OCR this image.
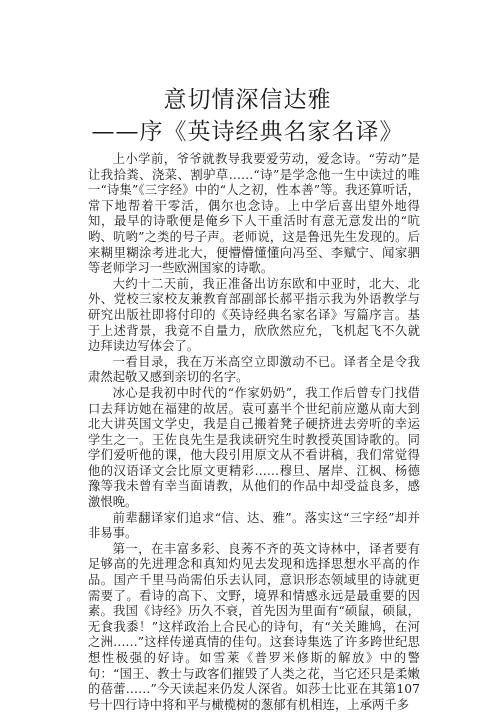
意切情深信达雅
——序《英诗经典名家名译》

上小学前，爷爷就教导我要爱劳动，爱念诗。“劳动”是让我拾粪、浇菜、割驴草……“诗”是学念他一生中读过的唯一“诗集”《三字经》中的“人之初，性本善”等。我还算听话，常下地帮着干零活，偶尔也念诗。上中学后喜出望外地得知，最早的诗歌便是俺乡下人干重活时有意无意发出的“吭哟、吭哟”之类的号子声。老师说，这是鲁迅先生发现的。后来糊里糊涂考进北大，便懵懵懂懂向冯至、李赋宁、闻家驷等老师学习一些欧洲国家的诗歌。

大约十二天前，我正准备出访东欧和中亚时，北大、北外、党校三家校友兼教育部副部长郝平指示我为外语教学与研究出版社即将付印的《英诗经典名家名译》写篇序言。基于上述背景，我竟不自量力，欣欣然应允，飞机起飞不久就边拜读边写体会了。

一看目录，我在万米高空立即激动不已。译者全是令我肃然起敬又感到亲切的名字。

冰心是我初中时代的“作家奶奶”，我工作后曾专门找借口去拜访她在福建的故居。袁可嘉半个世纪前应邀从南大到北大讲英国文学史，我是自己搬着凳子硬挤进去旁听的幸运学生之一。王佐良先生是我读研究生时教授英国诗歌的。同学们爱听他的课，他大段引用原文从不看讲稿，我们常觉得他的汉语译文会比原文更精彩……穆旦、屠岸、江枫、杨德豫等我未曾有幸当面请教，从他们的作品中却受益良多，感激恨晚。

前辈翻译家们追求“信、达、雅”。落实这“三字经”却并非易事。

第一，在丰富多彩、良莠不齐的英文诗林中，译者要有足够高的先进理念和真知灼见去发现和选择思想水平高的作品。国产千里马尚需伯乐去认同，意识形态领域里的诗就更需要了。看诗的高下、文野，境界和情感永远是最重要的因素。我国《诗经》历久不衰，首先因为里面有“硕鼠，硕鼠，无食我黍！”这样政治上合民心的诗句，有“关关雎鸠，在河之洲……”这样传递真情的佳句。这套诗集选了许多跨世纪思想性极强的好诗。如雪莱《普罗米修斯的解放》中的警句：“国王、教士与政客们摧毁了人类之花，当它还只是柔嫩的蓓蕾……”今天读起来仍发人深省。如莎士比亚在其第107号十四行诗中将和平与橄榄树的葱郁有机相连，上承两千多
